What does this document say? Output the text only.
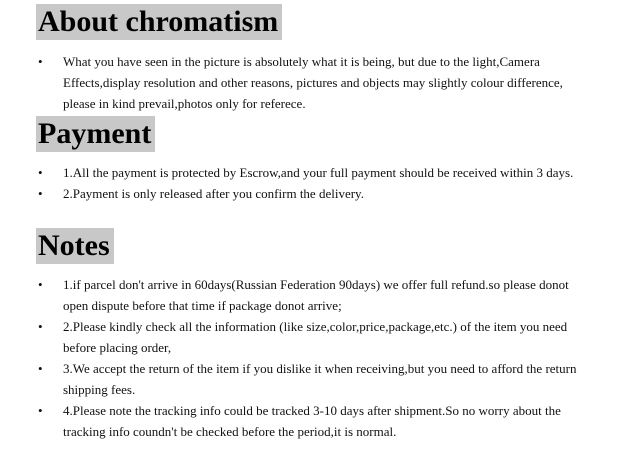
About chromatism
• What you have seen in the picture is absolutely what it is being, but due to the light,Camera Effects,display resolution and other reasons, pictures and objects may slightly colour difference, please in kind prevail,photos only for referece.
Payment
• 1.All the payment is protected by Escrow,and your full payment should be received within 3 days.
• 2.Payment is only released after you confirm the delivery.
Notes
• 1.if parcel don't arrive in 60days(Russian Federation 90days) we offer full refund.so please donot open dispute before that time if package donot arrive;
• 2.Please kindly check all the information (like size,color,price,package,etc.) of the item you need before placing order,
• 3.We accept the return of the item if you dislike it when receiving,but you need to afford the return shipping fees.
• 4.Please note the tracking info could be tracked 3-10 days after shipment.So no worry about the tracking info coundn't be checked before the period,it is normal.
